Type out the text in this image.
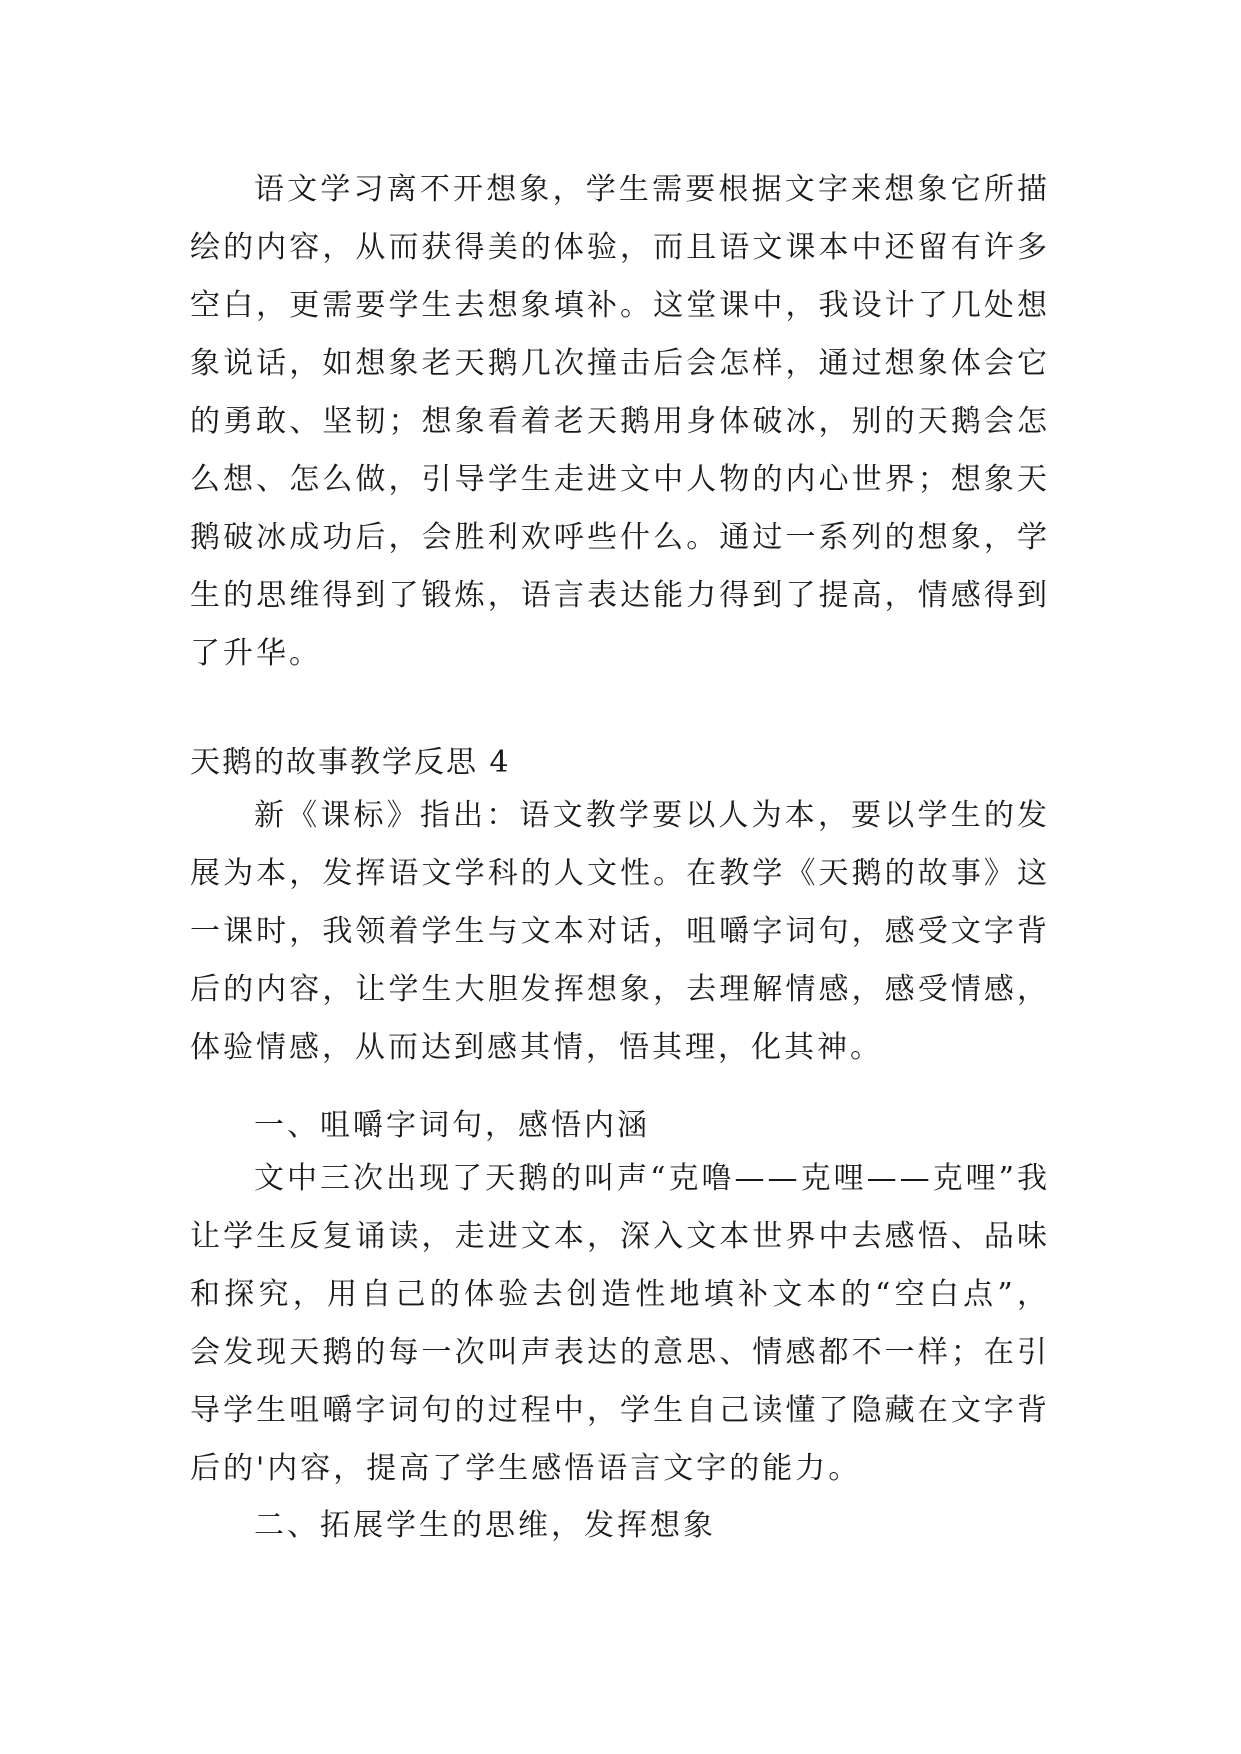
语文学习离不开想象，学生需要根据文字来想象它所描绘的内容，从而获得美的体验，而且语文课本中还留有许多空白，更需要学生去想象填补。这堂课中，我设计了几处想象说话，如想象老天鹅几次撞击后会怎样，通过想象体会它的勇敢、坚韧；想象看着老天鹅用身体破冰，别的天鹅会怎么想、怎么做，引导学生走进文中人物的内心世界；想象天鹅破冰成功后，会胜利欢呼些什么。通过一系列的想象，学生的思维得到了锻炼，语言表达能力得到了提高，情感得到了升华。

天鹅的故事教学反思 4

新《课标》指出：语文教学要以人为本，要以学生的发展为本，发挥语文学科的人文性。在教学《天鹅的故事》这一课时，我领着学生与文本对话，咀嚼字词句，感受文字背后的内容，让学生大胆发挥想象，去理解情感，感受情感，体验情感，从而达到感其情，悟其理，化其神。

一、咀嚼字词句，感悟内涵

文中三次出现了天鹅的叫声“克噜——克哩——克哩”我让学生反复诵读，走进文本，深入文本世界中去感悟、品味和探究，用自己的体验去创造性地填补文本的“空白点”，会发现天鹅的每一次叫声表达的意思、情感都不一样；在引导学生咀嚼字词句的过程中，学生自己读懂了隐藏在文字背后的'内容，提高了学生感悟语言文字的能力。

二、拓展学生的思维，发挥想象
